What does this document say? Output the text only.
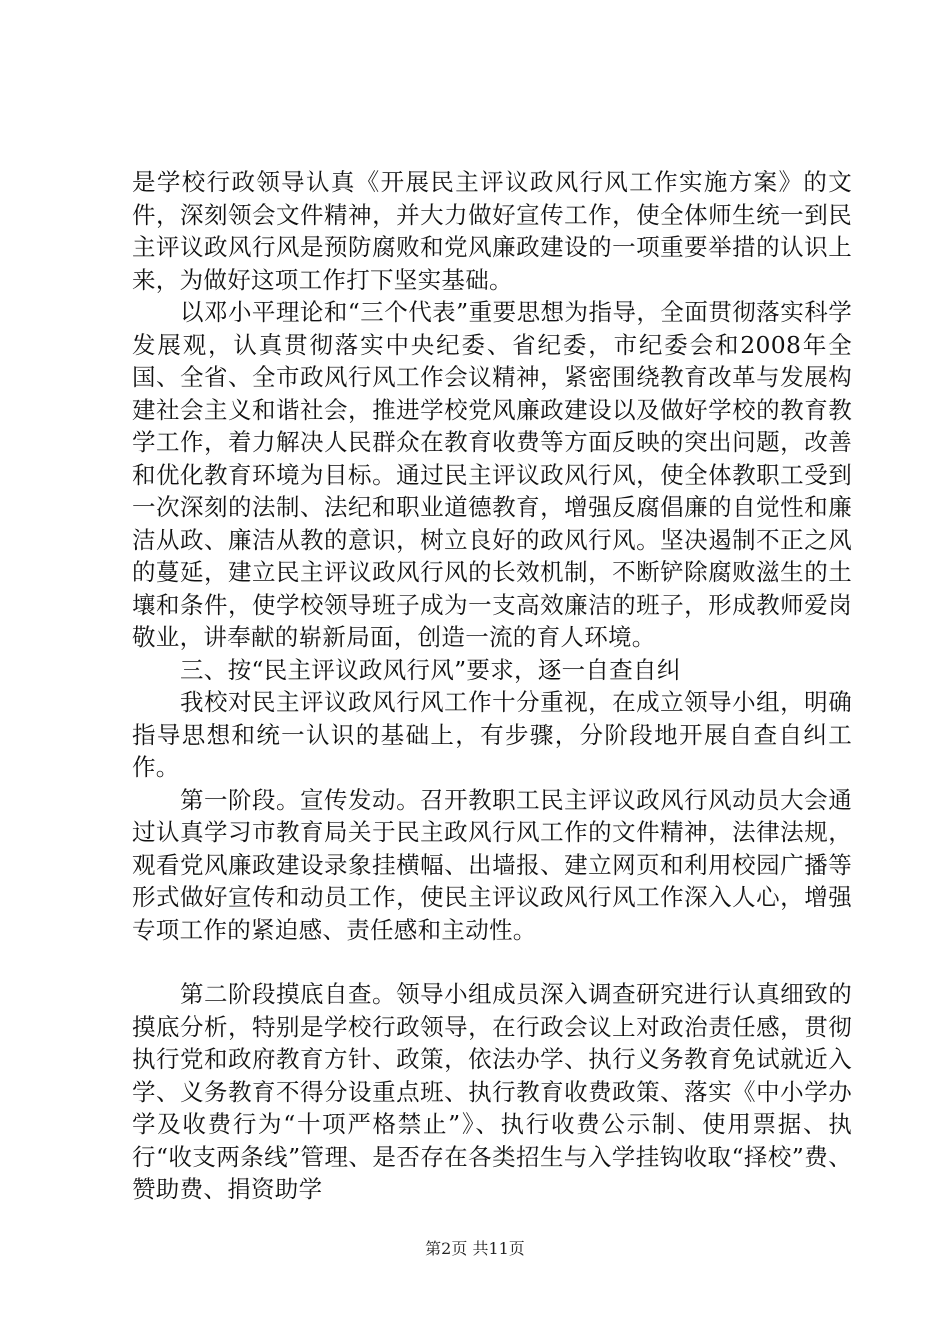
是学校行政领导认真《开展民主评议政风行风工作实施方案》的文件，深刻领会文件精神，并大力做好宣传工作，使全体师生统一到民主评议政风行风是预防腐败和党风廉政建设的一项重要举措的认识上来，为做好这项工作打下坚实基础。

以邓小平理论和“三个代表”重要思想为指导，全面贯彻落实科学发展观，认真贯彻落实中央纪委、省纪委，市纪委会和2008年全国、全省、全市政风行风工作会议精神，紧密围绕教育改革与发展构建社会主义和谐社会，推进学校党风廉政建设以及做好学校的教育教学工作，着力解决人民群众在教育收费等方面反映的突出问题，改善和优化教育环境为目标。通过民主评议政风行风，使全体教职工受到一次深刻的法制、法纪和职业道德教育，增强反腐倡廉的自觉性和廉洁从政、廉洁从教的意识，树立良好的政风行风。坚决遏制不正之风的蔓延，建立民主评议政风行风的长效机制，不断铲除腐败滋生的土壤和条件，使学校领导班子成为一支高效廉洁的班子，形成教师爱岗敬业，讲奉献的崭新局面，创造一流的育人环境。

三、按“民主评议政风行风”要求，逐一自查自纠

我校对民主评议政风行风工作十分重视，在成立领导小组，明确指导思想和统一认识的基础上，有步骤，分阶段地开展自查自纠工作。

第一阶段。宣传发动。召开教职工民主评议政风行风动员大会通过认真学习市教育局关于民主政风行风工作的文件精神，法律法规，观看党风廉政建设录象挂横幅、出墙报、建立网页和利用校园广播等形式做好宣传和动员工作，使民主评议政风行风工作深入人心，增强专项工作的紧迫感、责任感和主动性。

第二阶段摸底自查。领导小组成员深入调查研究进行认真细致的摸底分析，特别是学校行政领导，在行政会议上对政治责任感，贯彻执行党和政府教育方针、政策，依法办学、执行义务教育免试就近入学、义务教育不得分设重点班、执行教育收费政策、落实《中小学办学及收费行为“十项严格禁止”》、执行收费公示制、使用票据、执行“收支两条线”管理、是否存在各类招生与入学挂钩收取“择校”费、赞助费、捐资助学

第2页 共11页
